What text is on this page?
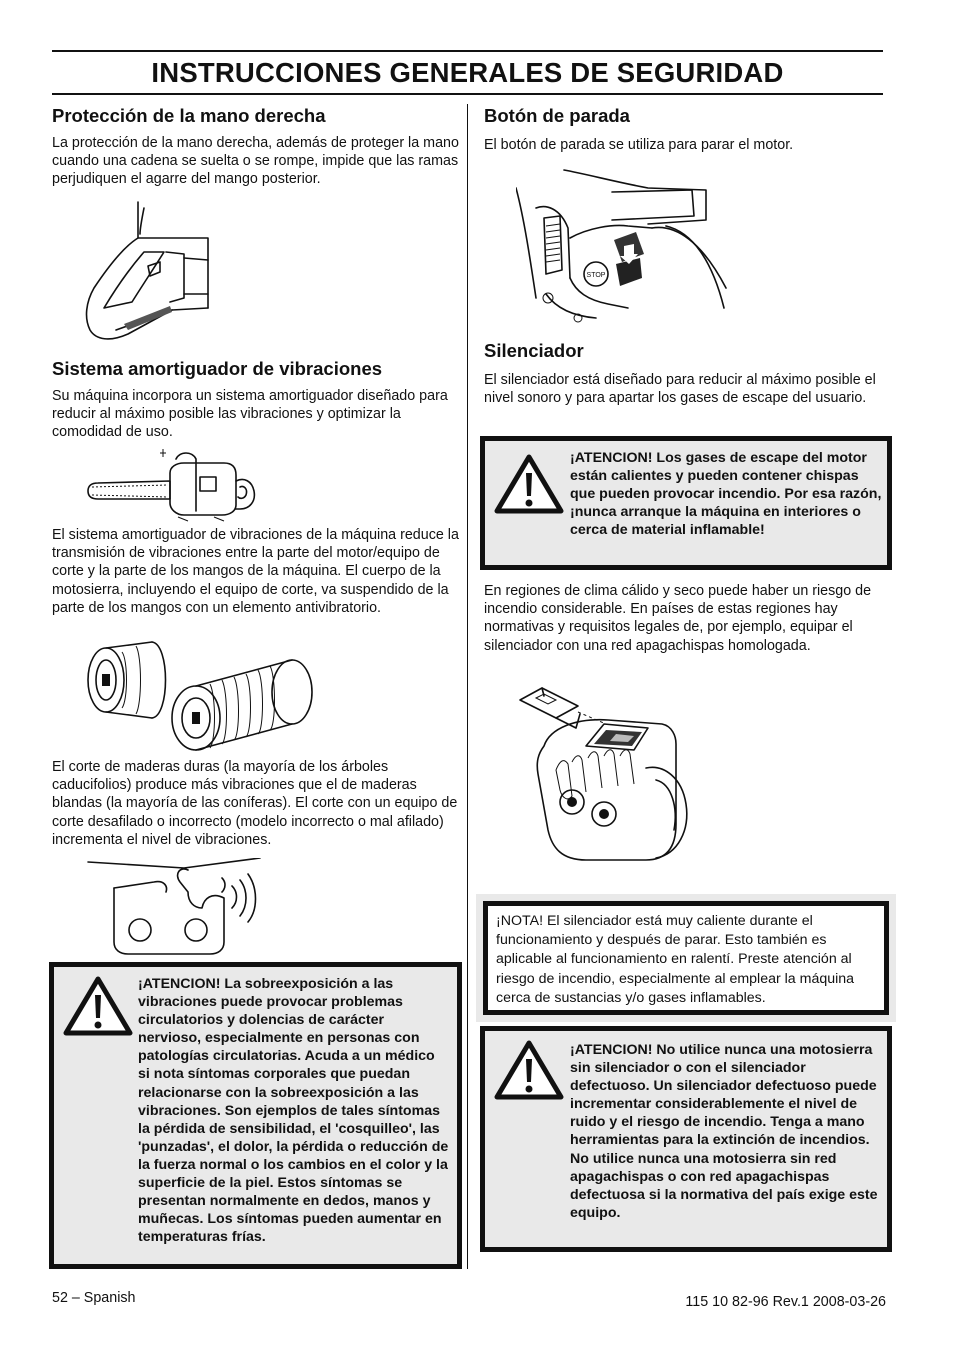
INSTRUCCIONES GENERALES DE SEGURIDAD
Protección de la mano derecha

La protección de la mano derecha, además de proteger la mano cuando una cadena se suelta o se rompe, impide que las ramas perjudiquen el agarre del mango posterior.

Sistema amortiguador de vibraciones

Su máquina incorpora un sistema amortiguador diseñado para reducir al máximo posible las vibraciones y optimizar la comodidad de uso.

El sistema amortiguador de vibraciones de la máquina reduce la transmisión de vibraciones entre la parte del motor/equipo de corte y la parte de los mangos de la máquina. El cuerpo de la motosierra, incluyendo el equipo de corte, va suspendido de la parte de los mangos con un elemento antivibratorio.

El corte de maderas duras (la mayoría de los árboles caducifolios) produce más vibraciones que el de maderas blandas (la mayoría de las coníferas). El corte con un equipo de corte desafilado o incorrecto (modelo incorrecto o mal afilado) incrementa el nivel de vibraciones.

¡ATENCION! La sobreexposición a las vibraciones puede provocar problemas circulatorios y dolencias de carácter nervioso, especialmente en personas con patologías circulatorias. Acuda a un médico si nota síntomas corporales que puedan relacionarse con la sobreexposición a las vibraciones. Son ejemplos de tales síntomas la pérdida de sensibilidad, el 'cosquilleo', las 'punzadas', el dolor, la pérdida o reducción de la fuerza normal o los cambios en el color y la superficie de la piel. Estos síntomas se presentan normalmente en dedos, manos y muñecas. Los síntomas pueden aumentar en temperaturas frías.
Botón de parada

El botón de parada se utiliza para parar el motor.

STOP
Silenciador

El silenciador está diseñado para reducir al máximo posible el nivel sonoro y para apartar los gases de escape del usuario.

¡ATENCION! Los gases de escape del motor están calientes y pueden contener chispas que pueden provocar incendio. Por esa razón, ¡nunca arranque la máquina en interiores o cerca de material inflamable!

En regiones de clima cálido y seco puede haber un riesgo de incendio considerable. En países de estas regiones hay normativas y requisitos legales de, por ejemplo, equipar el silenciador con una red apagachispas homologada.

¡NOTA! El silenciador está muy caliente durante el funcionamiento y después de parar. Esto también es aplicable al funcionamiento en ralentí. Preste atención al riesgo de incendio, especialmente al emplear la máquina cerca de sustancias y/o gases inflamables.
¡ATENCION! No utilice nunca una motosierra sin silenciador o con el silenciador defectuoso. Un silenciador defectuoso puede incrementar considerablemente el nivel de ruido y el riesgo de incendio. Tenga a mano herramientas para la extinción de incendios. No utilice nunca una motosierra sin red apagachispas o con red apagachispas defectuosa si la normativa del país exige este equipo.
52 – Spanish	115 10 82-96 Rev.1 2008-03-26
